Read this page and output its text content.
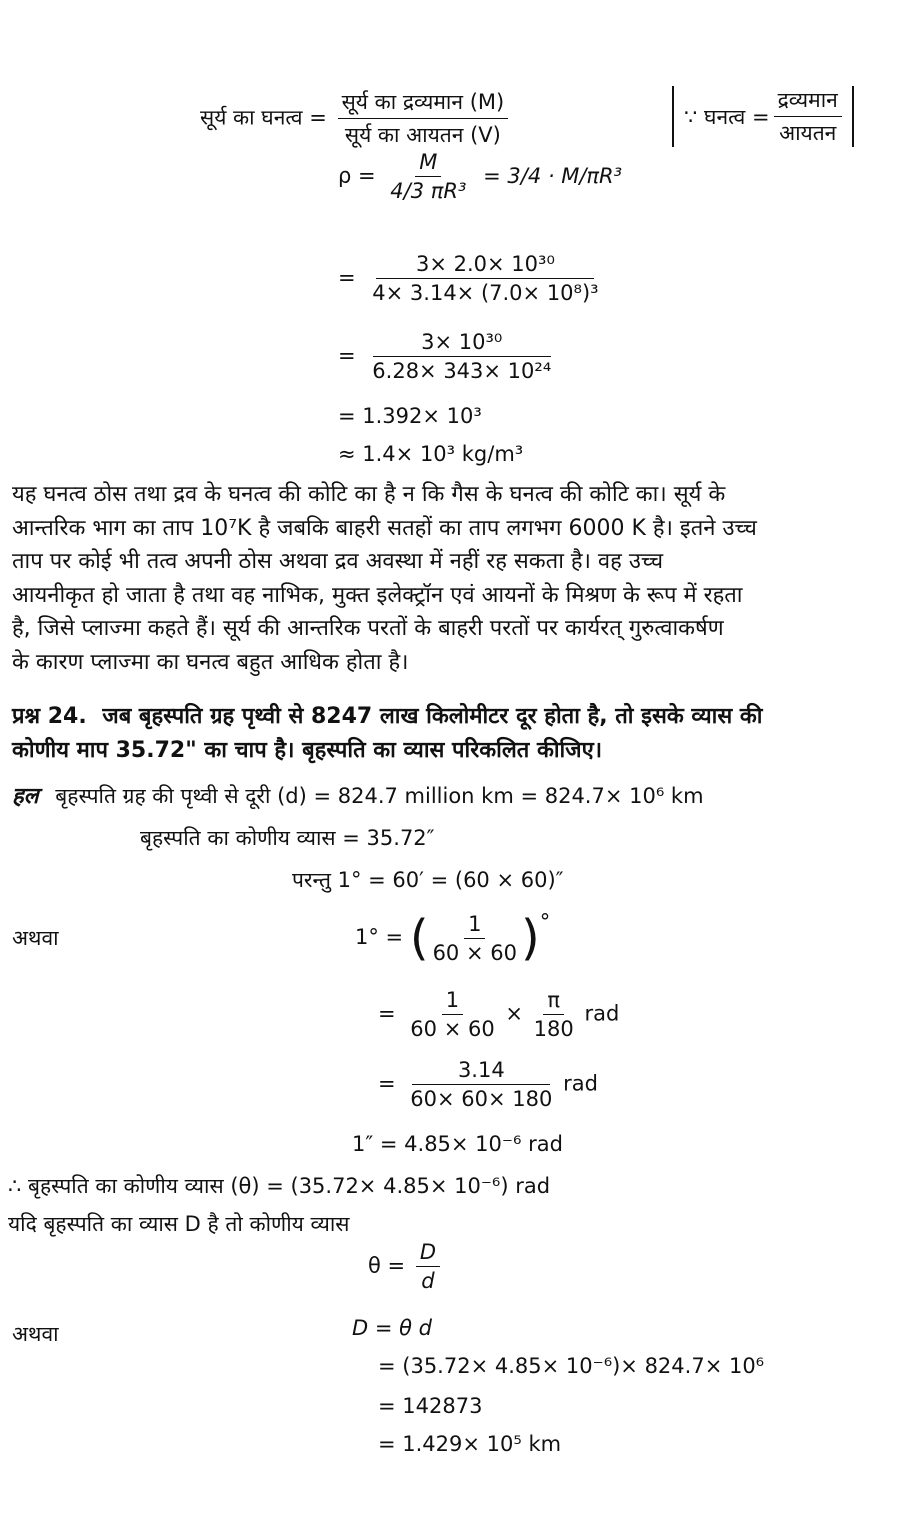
सूर्य का घनत्व = $\frac{\text{सूर्य का द्रव्यमान (M)}}{\text{सूर्य का आयतन (V)}}$	∵ घनत्व = $\frac{\text{द्रव्यमान}}{\text{आयतन}}$
$\rho = \frac{M}{\text{4/3 πR³}} = 3/4 \cdot M/\pi R^3$
= $\frac{\text{3× 2.0× 10³⁰}}{\text{4× 3.14× (7.0× 10⁸)³}}$
= $\frac{\text{3× 10³⁰}}{\text{6.28× 343× 10²⁴}}$
= 1.392× 10³
≈ 1.4× 10³ kg/m³
यह घनत्व ठोस तथा द्रव के घनत्व की कोटि का है न कि गैस के घनत्व की कोटि का। सूर्य के
आन्तरिक भाग का ताप 10⁷K है जबकि बाहरी सतहों का ताप लगभग 6000 K है। इतने उच्च
ताप पर कोई भी तत्व अपनी ठोस अथवा द्रव अवस्था में नहीं रह सकता है। वह उच्च
आयनीकृत हो जाता है तथा वह नाभिक, मुक्त इलेक्ट्रॉन एवं आयनों के मिश्रण के रूप में रहता
है, जिसे प्लाज्मा कहते हैं। सूर्य की आन्तरिक परतों के बाहरी परतों पर कार्यरत् गुरुत्वाकर्षण
के कारण प्लाज्मा का घनत्व बहुत आधिक होता है।
प्रश्न 24. जब बृहस्पति ग्रह पृथ्वी से 8247 लाख किलोमीटर दूर होता है, तो इसके व्यास की
कोणीय माप 35.72" का चाप है। बृहस्पति का व्यास परिकलित कीजिए।
हल बृहस्पति ग्रह की पृथ्वी से दूरी (d) = 824.7 million km = 824.7× 10⁶ km
बृहस्पति का कोणीय व्यास = 35.72″
परन्तु 1° = 60′ = (60 × 60)″
अथवा	1° = ( $\frac{1}{60 \times 60}$ )°
= $\frac{1}{60 \times 60} \times \frac{\pi}{180}$ rad
= $\frac{3.14}{60\times 60\times 180}$ rad
1″ = 4.85× 10⁻⁶ rad
∴ बृहस्पति का कोणीय व्यास (θ) = (35.72× 4.85× 10⁻⁶) rad
यदि बृहस्पति का व्यास D है तो कोणीय व्यास
$\theta = \frac{D}{d}$
अथवा	D = θ d
= (35.72× 4.85× 10⁻⁶)× 824.7× 10⁶
= 142873
= 1.429× 10⁵ km
